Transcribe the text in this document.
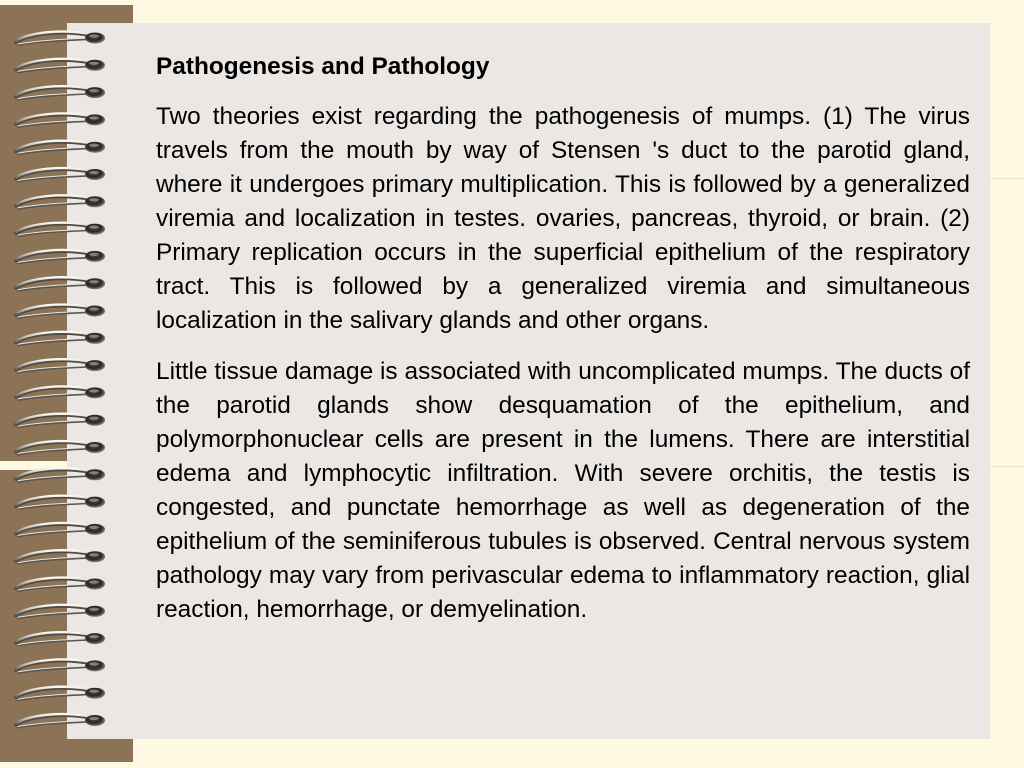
Pathogenesis and Pathology

Two theories exist regarding the pathogenesis of mumps. (1) The virus travels from the mouth by way of Stensen 's duct to the parotid gland, where it undergoes primary multiplication. This is followed by a generalized viremia and localization in testes. ovaries, pancreas, thyroid, or brain. (2) Primary replication occurs in the superficial epithelium of the respiratory tract. This is followed by a generalized viremia and simultaneous localization in the salivary glands and other organs.

Little tissue damage is associated with uncomplicated mumps. The ducts of the parotid glands show desquamation of the epithelium, and polymorphonuclear cells are present in the lumens. There are interstitial edema and lymphocytic infiltration. With severe orchitis, the testis is congested, and punctate hemorrhage as well as degeneration of the epithelium of the seminiferous tubules is observed. Central nervous system pathology may vary from perivascular edema to inflammatory reaction, glial reaction, hemorrhage, or demyelination.
